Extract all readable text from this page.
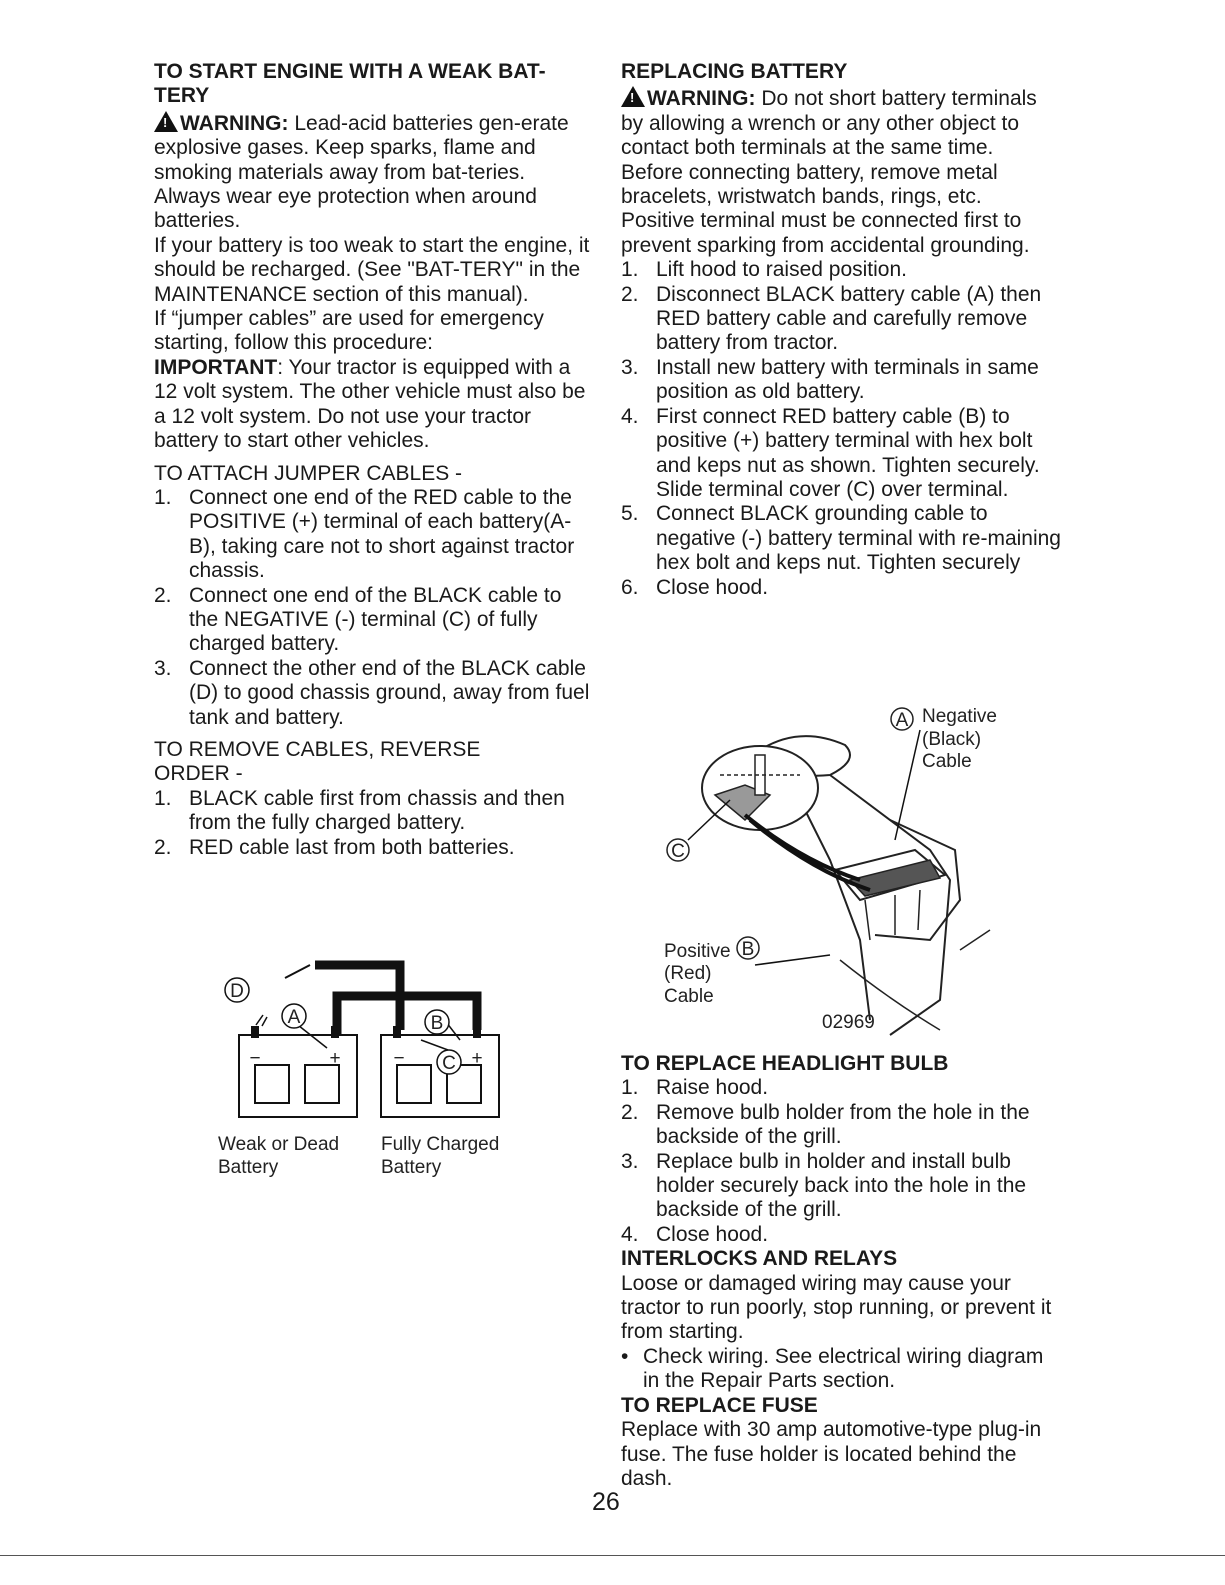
TO START ENGINE WITH A WEAK BAT-
TERY

!WARNING: Lead-acid batteries gen-erate explosive gases. Keep sparks, flame and smoking materials away from bat-teries. Always wear eye protection when around batteries.

If your battery is too weak to start the engine, it should be recharged. (See "BAT-TERY" in the MAINTENANCE section of this manual).

If “jumper cables” are used for emergency starting, follow this procedure:

IMPORTANT: Your tractor is equipped with a 12 volt system. The other vehicle must also be a 12 volt system. Do not use your tractor battery to start other vehicles.

TO ATTACH JUMPER CABLES -

1. Connect one end of the RED cable to the POSITIVE (+) terminal of each battery(A-B), taking care not to short against tractor chassis.
2. Connect one end of the BLACK cable to the NEGATIVE (-) terminal (C) of fully charged battery.
3. Connect the other end of the BLACK cable (D) to good chassis ground, away from fuel tank and battery.

TO REMOVE CABLES, REVERSE ORDER -

1. BLACK cable first from chassis and then from the fully charged battery.
2. RED cable last from both batteries.
D
A	B
C
−	+	−	+
Weak or Dead
Battery
Fully Charged
Battery

REPLACING BATTERY

!WARNING: Do not short battery terminals by allowing a wrench or any other object to contact both terminals at the same time. Before connecting battery, remove metal bracelets, wristwatch bands, rings, etc.

Positive terminal must be connected first to prevent sparking from accidental grounding.

1. Lift hood to raised position.
2. Disconnect BLACK battery cable (A) then RED battery cable and carefully remove battery from tractor.
3. Install new battery with terminals in same position as old battery.
4. First connect RED battery cable (B) to positive (+) battery terminal with hex bolt and keps nut as shown. Tighten securely. Slide terminal cover (C) over terminal.
5. Connect BLACK grounding cable to negative (-) battery terminal with re-maining hex bolt and keps nut. Tighten securely
6. Close hood.
A
C
B
Negative
(Black)
Cable
Positive
(Red)
Cable
02969

TO REPLACE HEADLIGHT BULB

1. Raise hood.
2. Remove bulb holder from the hole in the backside of the grill.
3. Replace bulb in holder and install bulb holder securely back into the hole in the backside of the grill.
4. Close hood.

INTERLOCKS AND RELAYS

Loose or damaged wiring may cause your tractor to run poorly, stop running, or prevent it from starting.

• Check wiring. See electrical wiring diagram in the Repair Parts section.

TO REPLACE FUSE

Replace with 30 amp automotive-type plug-in fuse. The fuse holder is located behind the dash.

26
